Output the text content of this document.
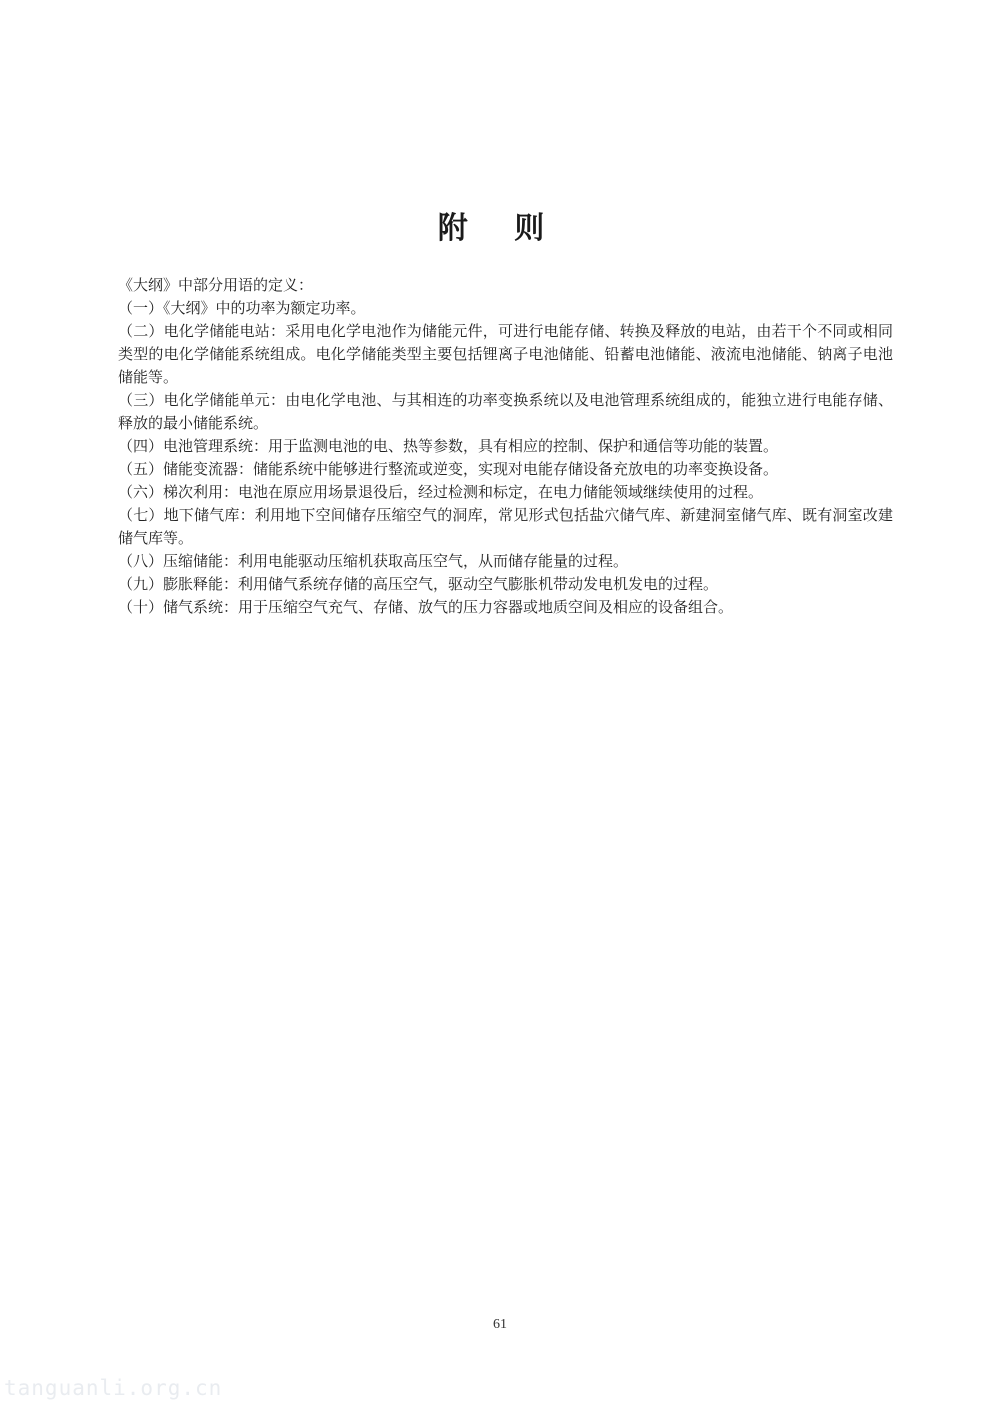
附 则

《大纲》中部分用语的定义：

（一）《大纲》中的功率为额定功率。

（二）电化学储能电站：采用电化学电池作为储能元件，可进行电能存储、转换及释放的电站，由若干个不同或相同类型的电化学储能系统组成。电化学储能类型主要包括锂离子电池储能、铅蓄电池储能、液流电池储能、钠离子电池储能等。

（三）电化学储能单元：由电化学电池、与其相连的功率变换系统以及电池管理系统组成的，能独立进行电能存储、释放的最小储能系统。

（四）电池管理系统：用于监测电池的电、热等参数，具有相应的控制、保护和通信等功能的装置。

（五）储能变流器：储能系统中能够进行整流或逆变，实现对电能存储设备充放电的功率变换设备。

（六）梯次利用：电池在原应用场景退役后，经过检测和标定，在电力储能领域继续使用的过程。

（七）地下储气库：利用地下空间储存压缩空气的洞库，常见形式包括盐穴储气库、新建洞室储气库、既有洞室改建储气库等。

（八）压缩储能：利用电能驱动压缩机获取高压空气，从而储存能量的过程。

（九）膨胀释能：利用储气系统存储的高压空气，驱动空气膨胀机带动发电机发电的过程。

（十）储气系统：用于压缩空气充气、存储、放气的压力容器或地质空间及相应的设备组合。

61
tanguanli.org.cn
